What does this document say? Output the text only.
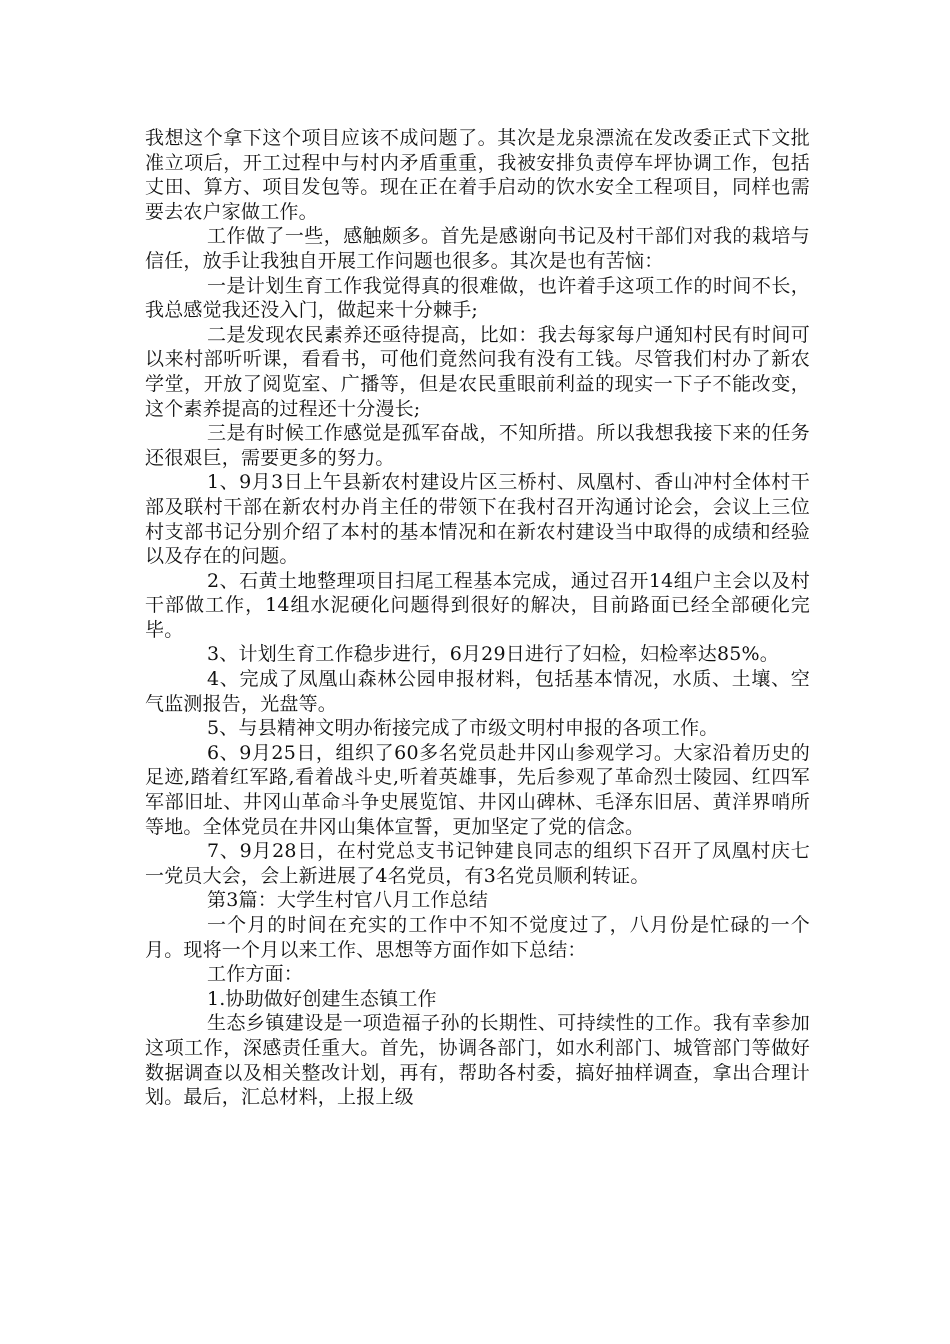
我想这个拿下这个项目应该不成问题了。其次是龙泉漂流在发改委正式下文批准立项后，开工过程中与村内矛盾重重，我被安排负责停车坪协调工作，包括丈田、算方、项目发包等。现在正在着手启动的饮水安全工程项目，同样也需要去农户家做工作。

工作做了一些，感触颇多。首先是感谢向书记及村干部们对我的栽培与信任，放手让我独自开展工作问题也很多。其次是也有苦恼：

一是计划生育工作我觉得真的很难做，也许着手这项工作的时间不长，我总感觉我还没入门，做起来十分棘手;

二是发现农民素养还亟待提高，比如：我去每家每户通知村民有时间可以来村部听听课，看看书，可他们竟然问我有没有工钱。尽管我们村办了新农学堂，开放了阅览室、广播等，但是农民重眼前利益的现实一下子不能改变，这个素养提高的过程还十分漫长;

三是有时候工作感觉是孤军奋战，不知所措。所以我想我接下来的任务还很艰巨，需要更多的努力。

1、9月3日上午县新农村建设片区三桥村、凤凰村、香山冲村全体村干部及联村干部在新农村办肖主任的带领下在我村召开沟通讨论会，会议上三位村支部书记分别介绍了本村的基本情况和在新农村建设当中取得的成绩和经验以及存在的问题。

2、石黄土地整理项目扫尾工程基本完成，通过召开14组户主会以及村干部做工作，14组水泥硬化问题得到很好的解决，目前路面已经全部硬化完毕。

3、计划生育工作稳步进行，6月29日进行了妇检，妇检率达85%。

4、完成了凤凰山森林公园申报材料，包括基本情况，水质、土壤、空气监测报告，光盘等。

5、与县精神文明办衔接完成了市级文明村申报的各项工作。

6、9月25日，组织了60多名党员赴井冈山参观学习。大家沿着历史的足迹,踏着红军路,看着战斗史,听着英雄事，先后参观了革命烈士陵园、红四军军部旧址、井冈山革命斗争史展览馆、井冈山碑林、毛泽东旧居、黄洋界哨所等地。全体党员在井冈山集体宣誓，更加坚定了党的信念。

7、9月28日，在村党总支书记钟建良同志的组织下召开了凤凰村庆七一党员大会，会上新进展了4名党员，有3名党员顺利转证。

第3篇：大学生村官八月工作总结

一个月的时间在充实的工作中不知不觉度过了，八月份是忙碌的一个月。现将一个月以来工作、思想等方面作如下总结：

工作方面：

1.协助做好创建生态镇工作

生态乡镇建设是一项造福子孙的长期性、可持续性的工作。我有幸参加这项工作，深感责任重大。首先，协调各部门，如水利部门、城管部门等做好数据调查以及相关整改计划，再有，帮助各村委，搞好抽样调查，拿出合理计划。最后，汇总材料，上报上级
